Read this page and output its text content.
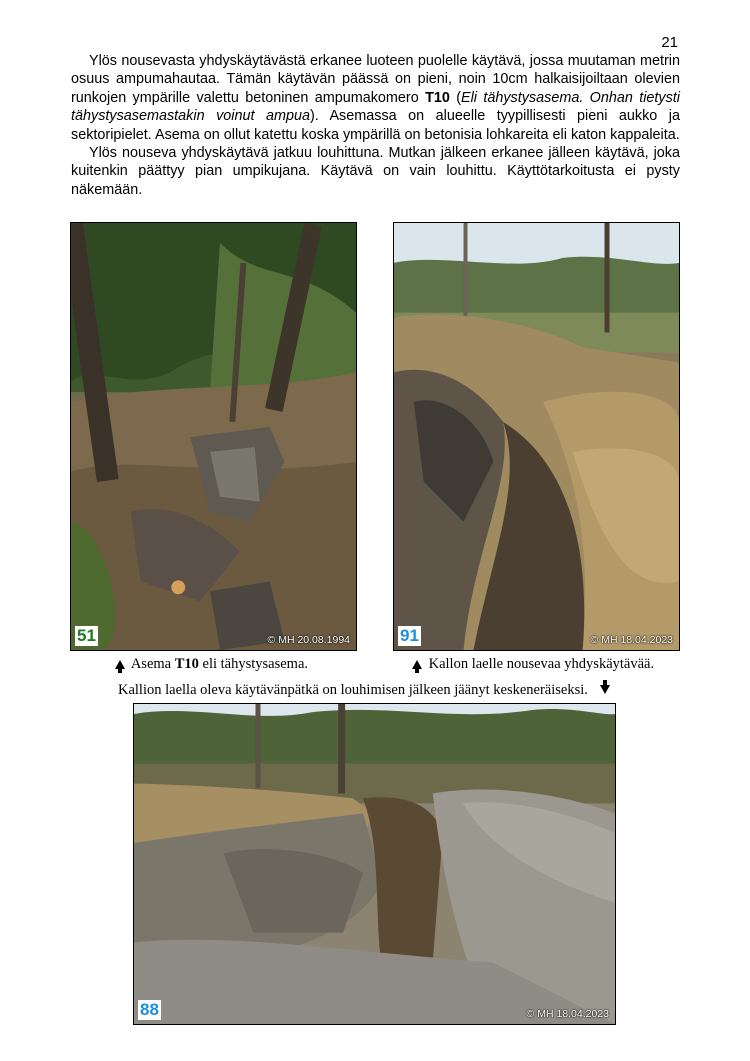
21

Ylös nousevasta yhdyskäytävästä erkanee luoteen puolelle käytävä, jossa muutaman metrin osuus ampumahautaa. Tämän käytävän päässä on pieni, noin 10cm halkaisijoiltaan olevien runkojen ympärille valettu betoninen ampumakomero T10 (Eli tähystysasema. Onhan tietysti tähystysasemastakin voinut ampua). Asemassa on alueelle tyypillisesti pieni aukko ja sektoripielet. Asema on ollut katettu koska ympärillä on betonisia lohkareita eli katon kappaleita.

Ylös nouseva yhdyskäytävä jatkuu louhittuna. Mutkan jälkeen erkanee jälleen käytävä, joka kuitenkin päättyy pian umpikujana. Käytävä on vain louhittu. Käyttötarkoitusta ei pysty näkemään.

51	© MH 20.08.1994	91	© MH 18.04.2023
Asema T10 eli tähystysasema.	Kallon laelle nousevaa yhdyskäytävää.
Kallion laella oleva käytävänpätkä on louhimisen jälkeen jäänyt keskeneräiseksi.
88	© MH 18.04.2023
